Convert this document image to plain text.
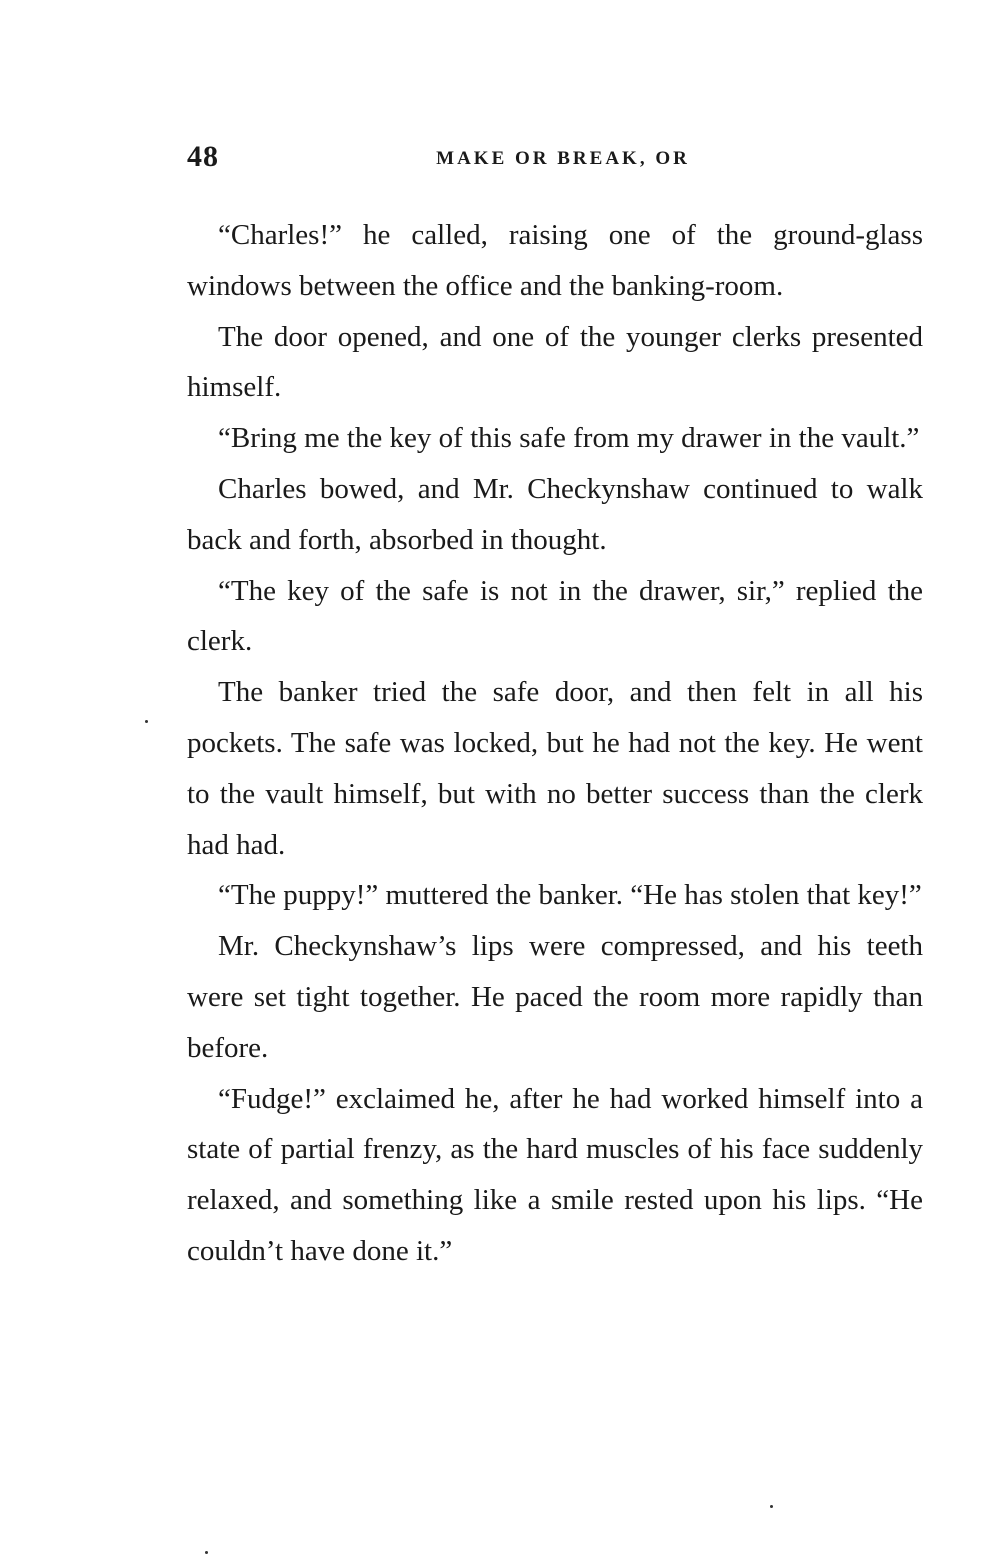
48	MAKE OR BREAK, OR

“Charles!” he called, raising one of the ground-glass windows between the office and the banking-room.

The door opened, and one of the younger clerks presented himself.

“Bring me the key of this safe from my drawer in the vault.”

Charles bowed, and Mr. Checkynshaw continued to walk back and forth, absorbed in thought.

“The key of the safe is not in the drawer, sir,” replied the clerk.

The banker tried the safe door, and then felt in all his pockets. The safe was locked, but he had not the key. He went to the vault himself, but with no better success than the clerk had had.

“The puppy!” muttered the banker. “He has stolen that key!”

Mr. Checkynshaw’s lips were compressed, and his teeth were set tight together. He paced the room more rapidly than before.

“Fudge!” exclaimed he, after he had worked himself into a state of partial frenzy, as the hard muscles of his face suddenly relaxed, and something like a smile rested upon his lips. “He couldn’t have done it.”
